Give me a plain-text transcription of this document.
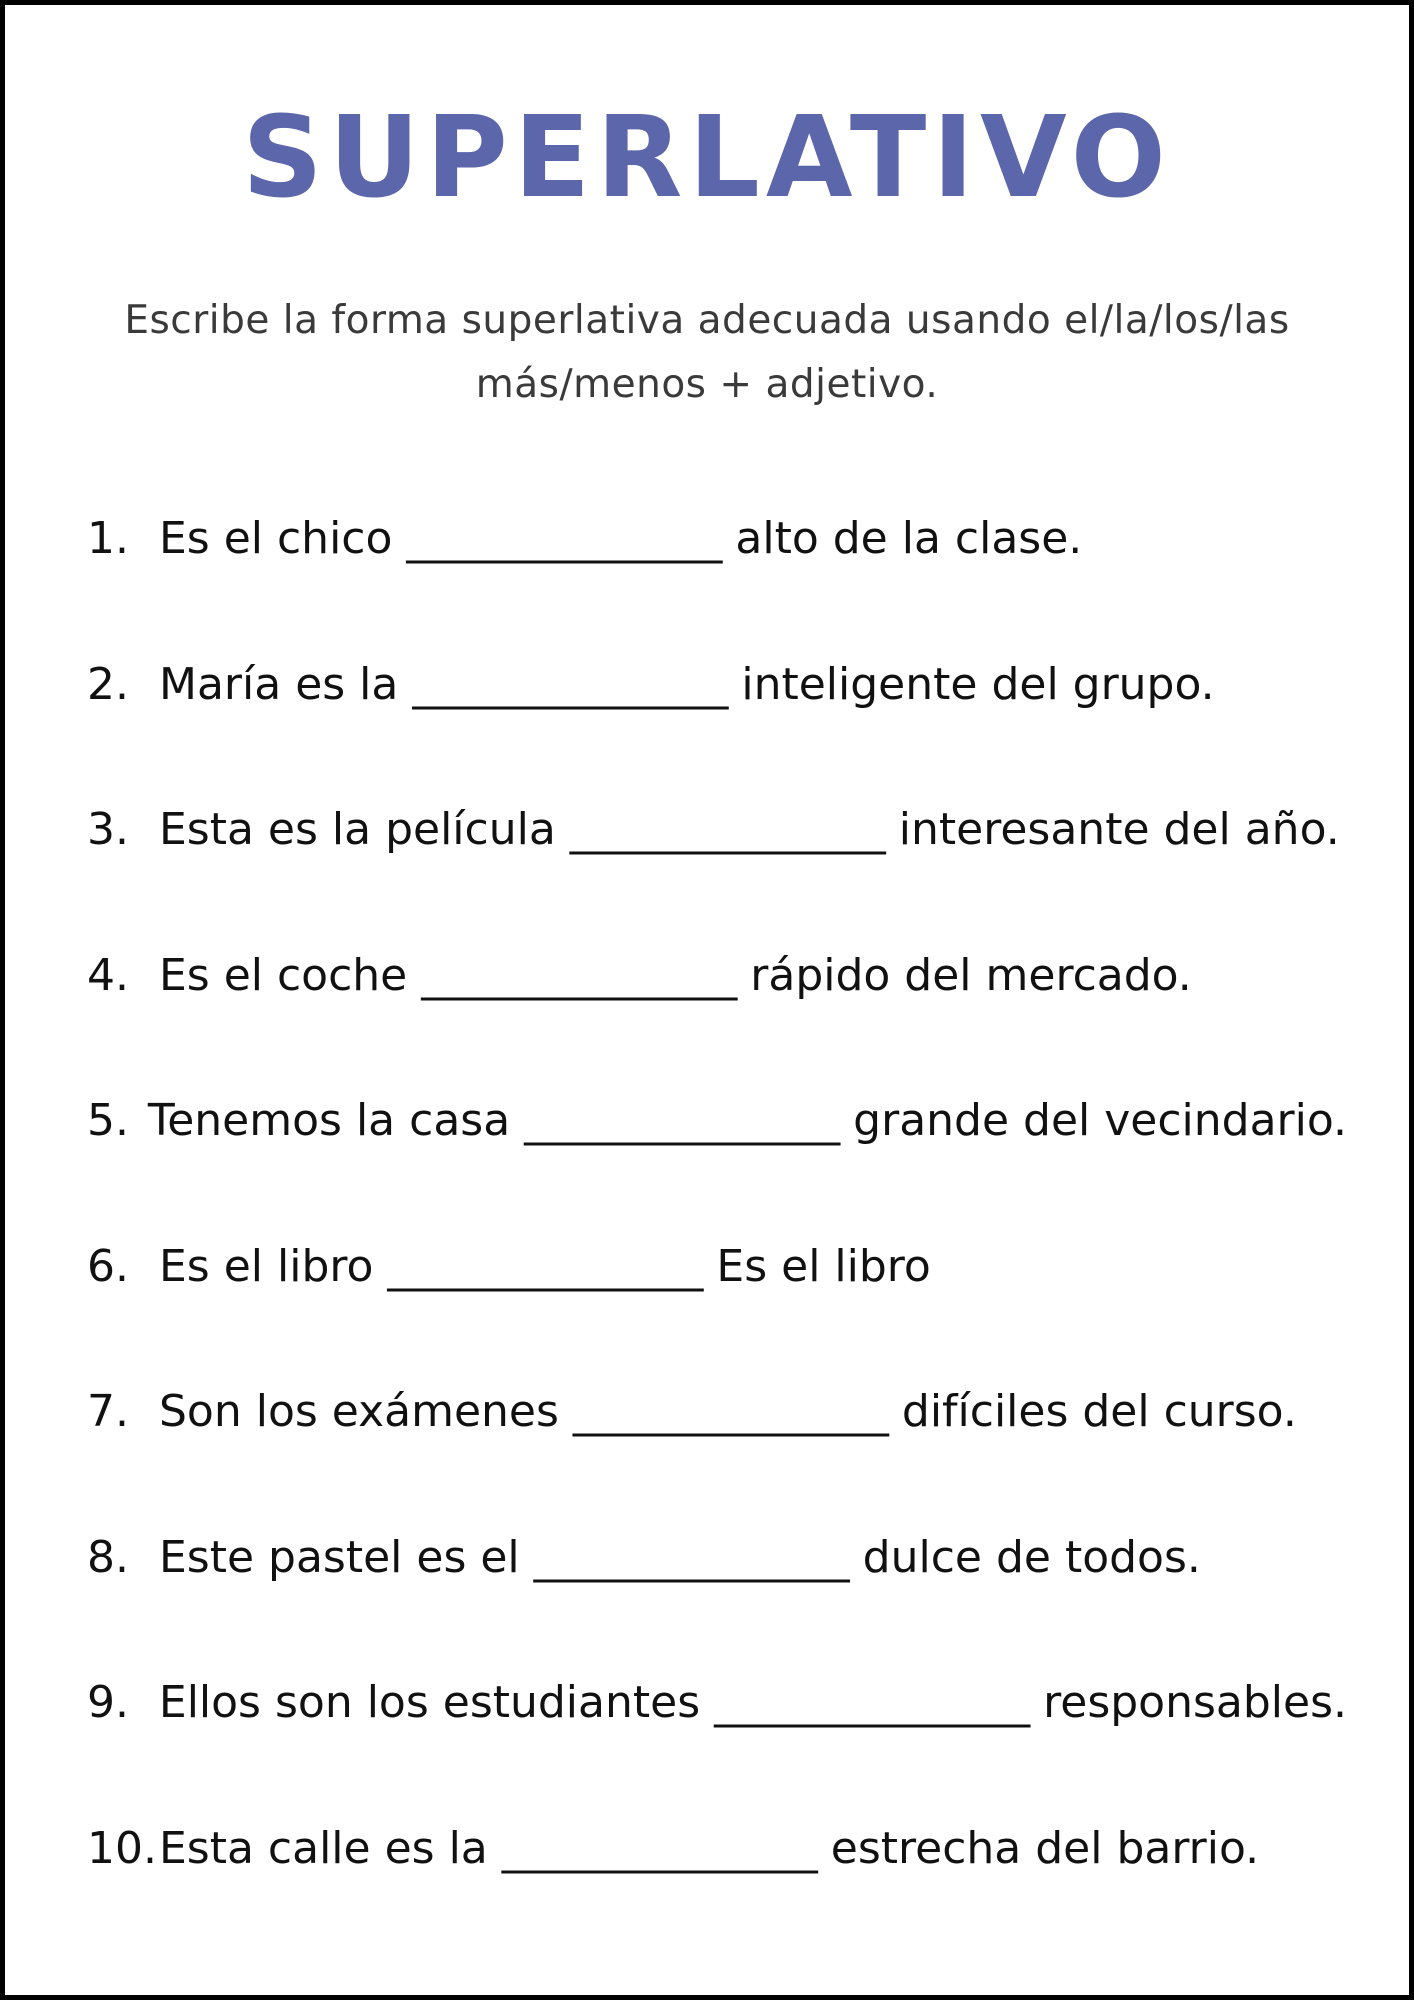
SUPERLATIVO
Escribe la forma superlativa adecuada usando el/la/los/las
más/menos + adjetivo.
1. Es el chico _______________ alto de la clase.
2. María es la _______________ inteligente del grupo.
3. Esta es la película _______________ interesante del año.
4. Es el coche _______________ rápido del mercado.
5. Tenemos la casa _______________ grande del vecindario.
6. Es el libro _______________ Es el libro
7. Son los exámenes _______________ difíciles del curso.
8. Este pastel es el _______________ dulce de todos.
9. Ellos son los estudiantes _______________ responsables.
10. Esta calle es la _______________ estrecha del barrio.
